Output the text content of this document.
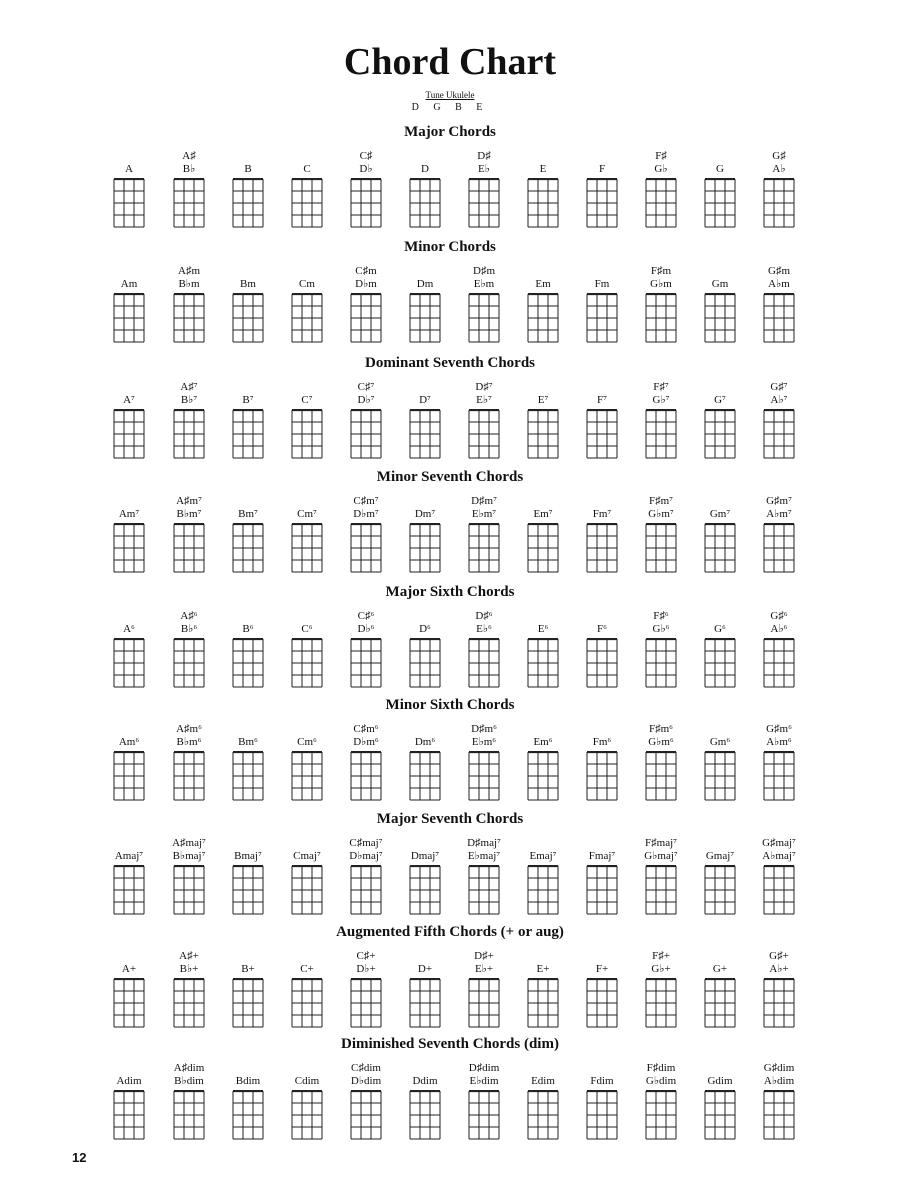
Chord Chart
Tune Ukulele
D G B E
Major Chords
A
A♯
B♭	B	C
C♯
D♭	D
D♯
E♭	E	F
F♯
G♭	G
G♯
A♭
Minor Chords
Am
A♯m
B♭m	Bm	Cm
C♯m
D♭m	Dm
D♯m
E♭m	Em	Fm
F♯m
G♭m	Gm
G♯m
A♭m
Dominant Seventh Chords
A⁷
A♯⁷
B♭⁷	B⁷	C⁷
C♯⁷
D♭⁷	D⁷
D♯⁷
E♭⁷	E⁷	F⁷
F♯⁷
G♭⁷	G⁷
G♯⁷
A♭⁷
Minor Seventh Chords
Am⁷
A♯m⁷
B♭m⁷	Bm⁷	Cm⁷
C♯m⁷
D♭m⁷	Dm⁷
D♯m⁷
E♭m⁷	Em⁷	Fm⁷
F♯m⁷
G♭m⁷	Gm⁷
G♯m⁷
A♭m⁷
Major Sixth Chords
A⁶
A♯⁶
B♭⁶	B⁶	C⁶
C♯⁶
D♭⁶	D⁶
D♯⁶
E♭⁶	E⁶	F⁶
F♯⁶
G♭⁶	G⁶
G♯⁶
A♭⁶
Minor Sixth Chords
Am⁶
A♯m⁶
B♭m⁶	Bm⁶	Cm⁶
C♯m⁶
D♭m⁶	Dm⁶
D♯m⁶
E♭m⁶	Em⁶	Fm⁶
F♯m⁶
G♭m⁶	Gm⁶
G♯m⁶
A♭m⁶
Major Seventh Chords
Amaj⁷
A♯maj⁷
B♭maj⁷	Bmaj⁷	Cmaj⁷
C♯maj⁷
D♭maj⁷	Dmaj⁷
D♯maj⁷
E♭maj⁷	Emaj⁷	Fmaj⁷
F♯maj⁷
G♭maj⁷	Gmaj⁷
G♯maj⁷
A♭maj⁷
Augmented Fifth Chords (+ or aug)
A+
A♯+
B♭+	B+	C+
C♯+
D♭+	D+
D♯+
E♭+	E+	F+
F♯+
G♭+	G+
G♯+
A♭+
Diminished Seventh Chords (dim)
Adim
A♯dim
B♭dim	Bdim	Cdim
C♯dim
D♭dim	Ddim
D♯dim
E♭dim	Edim	Fdim
F♯dim
G♭dim	Gdim
G♯dim
A♭dim
12
